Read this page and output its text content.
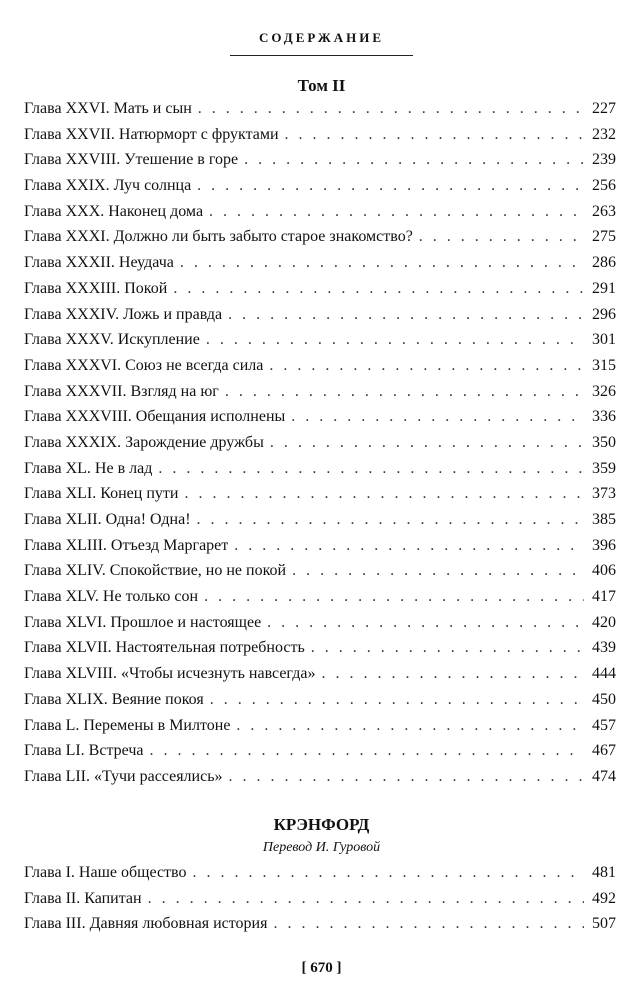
СОДЕРЖАНИЕ
Том II
Глава XXVI. Мать и сын . . .	227
Глава XXVII. Натюрморт с фруктами . . .	232
Глава XXVIII. Утешение в горе . . .	239
Глава XXIX. Луч солнца . . .	256
Глава XXX. Наконец дома . . .	263
Глава XXXI. Должно ли быть забыто старое знакомство? . . .	275
Глава XXXII. Неудача . . .	286
Глава XXXIII. Покой . . .	291
Глава XXXIV. Ложь и правда . . .	296
Глава XXXV. Искупление . . .	301
Глава XXXVI. Союз не всегда сила . . .	315
Глава XXXVII. Взгляд на юг . . .	326
Глава XXXVIII. Обещания исполнены . . .	336
Глава XXXIX. Зарождение дружбы . . .	350
Глава XL. Не в лад . . .	359
Глава XLI. Конец пути . . .	373
Глава XLII. Одна! Одна! . . .	385
Глава XLIII. Отъезд Маргарет . . .	396
Глава XLIV. Спокойствие, но не покой . . .	406
Глава XLV. Не только сон . . .	417
Глава XLVI. Прошлое и настоящее . . .	420
Глава XLVII. Настоятельная потребность . . .	439
Глава XLVIII. «Чтобы исчезнуть навсегда» . . .	444
Глава XLIX. Веяние покоя . . .	450
Глава L. Перемены в Милтоне . . .	457
Глава LI. Встреча . . .	467
Глава LII. «Тучи рассеялись» . . .	474
КРЭНФОРД
Перевод И. Гуровой
Глава I. Наше общество . . .	481
Глава II. Капитан . . .	492
Глава III. Давняя любовная история . . .	507
[ 670 ]
